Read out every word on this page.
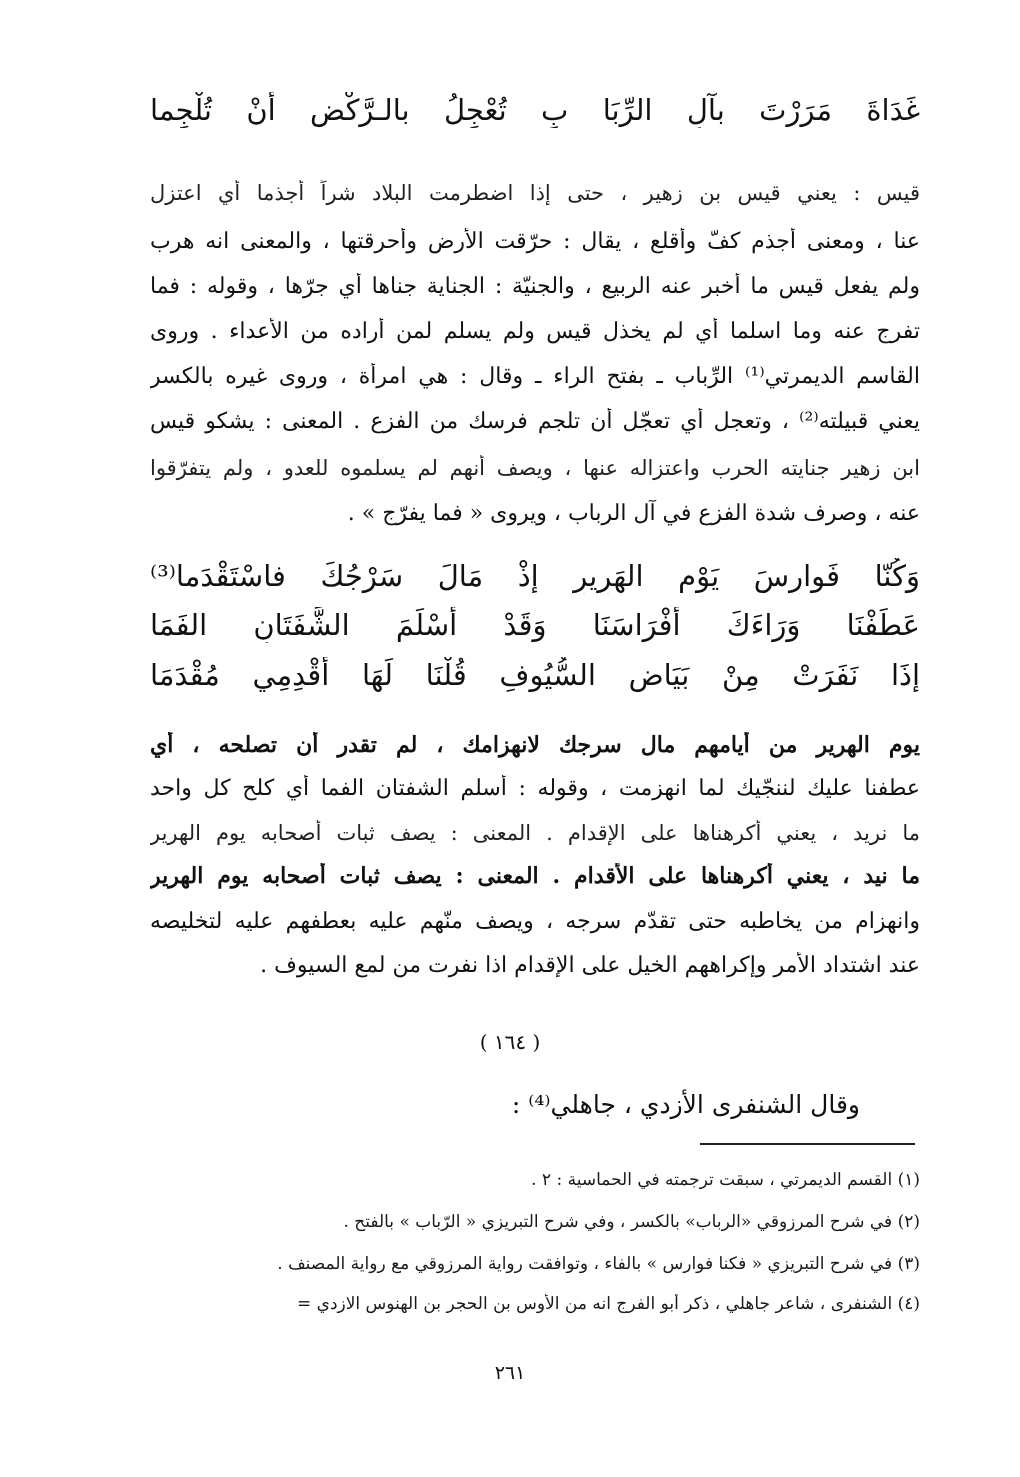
غَدَاةَ مَرَرْتَ بآلِ الرِّبَا بِ تُعْجِلُ بالـرَّكْضِ أَنْ تُلْجِما
قيس : يعني قيس بن زهير ، حتى إذا اضطرمت البلاد شراً أجذما أي اعتزل
عنا ، ومعنى أجذم كفّ وأقلع ، يقال : حرّقت الأرض وأحرقتها ، والمعنى انه هرب
ولم يفعل قيس ما أخبر عنه الربيع ، والجنيّة : الجناية جناها أي جرّها ، وقوله : فما
تفرج عنه وما اسلما أي لم يخذل قيس ولم يسلم لمن أراده من الأعداء . وروى
القاسم الديمرتي⁽¹⁾ الرِّباب ـ بفتح الراء ـ وقال : هي امرأة ، وروى غيره بالكسر
يعني قبيلته⁽²⁾ ، وتعجل أي تعجّل أن تلجم فرسك من الفزع . المعنى : يشكو قيس
ابن زهير جنايته الحرب واعتزاله عنها ، ويصف أنهم لم يسلموه للعدو ، ولم يتفرّقوا
عنه ، وصرف شدة الفزع في آل الرباب ، ويروى « فما يفرّج » .
وَكُنّا فَوارِسَ يَوْمِ الهَرِيرِ إذْ مَالَ سَرْجُكَ فاسْتَقْدَما⁽³⁾
عَطَفْنَا وَرَاءَكَ أَفْرَاسَنَا وَقَدْ أَسْلَمَ الشَّفَتَانِ الفَمَا
إذَا نَفَرَتْ مِنْ بَيَاضِ السُّيُوفِ قُلْنَا لَهَا أَقْدِمِي مُقْدَمَا
يوم الهرير من أيامهم مال سرجك لانهزامك ، لم تقدر أن تصلحه ، أي
عطفنا عليك لننجّيك لما انهزمت ، وقوله : أسلم الشفتان الفما أي كلح كل واحد
ما نريد ، يعني أكرهناها على الإقدام . المعنى : يصف ثبات أصحابه يوم الهرير
ما نيد ، يعني أكرهناها على الأقدام . المعنى : يصف ثبات أصحابه يوم الهرير
وانهزام من يخاطبه حتى تقدّم سرجه ، ويصف منّهم عليه بعطفهم عليه لتخليصه
عند اشتداد الأمر وإكراههم الخيل على الإقدام اذا نفرت من لمع السيوف .
( ١٦٤ )
وقال الشنفرى الأزدي ، جاهلي⁽⁴⁾ :
(١) القسم الديمرتي ، سبقت ترجمته في الحماسية : ٢ .
(٢) في شرح المرزوقي «الرباب» بالكسر ، وفي شرح التبريزي « الرّباب » بالفتح .
(٣) في شرح التبريزي « فكنا فوارس » بالفاء ، وتوافقت رواية المرزوقي مع رواية المصنف .
(٤) الشنفرى ، شاعر جاهلي ، ذكر أبو الفرج انه من الأوس بن الحجر بن الهنوس الازدي =
٢٦١
